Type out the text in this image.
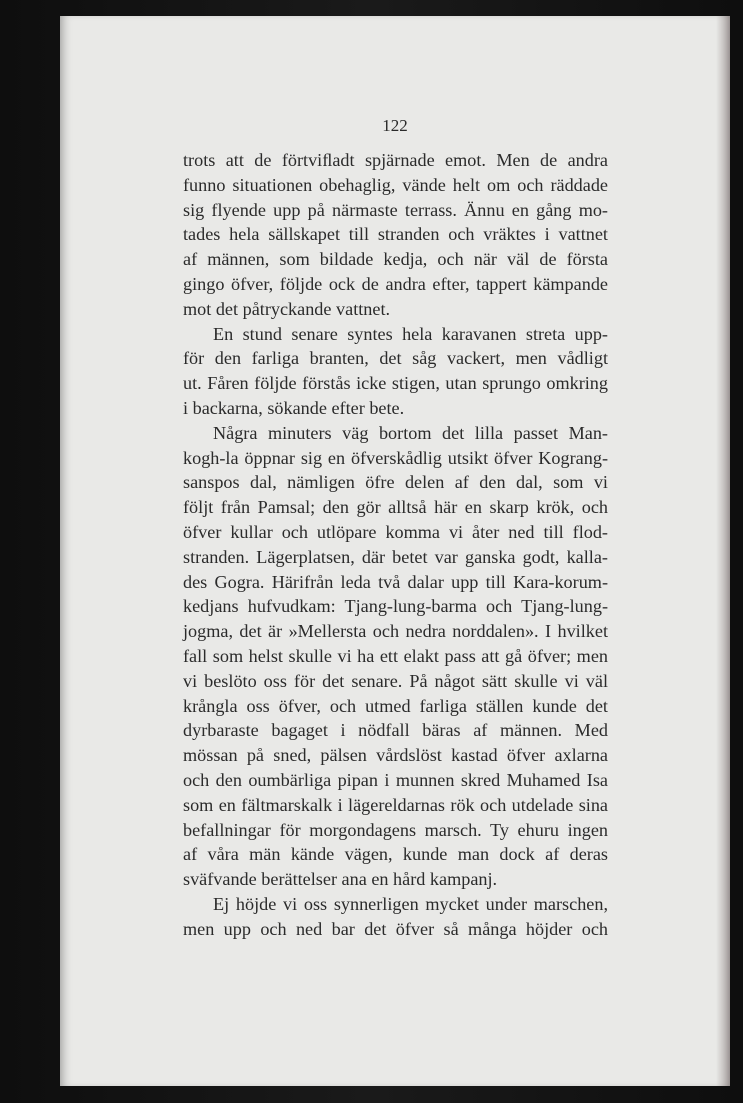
122
trots att de förtviﬂadt spjärnade emot. Men de andra
funno situationen obehaglig, vände helt om och räddade
sig flyende upp på närmaste terrass. Ännu en gång mo-
tades hela sällskapet till stranden och vräktes i vattnet
af männen, som bildade kedja, och när väl de första
gingo öfver, följde ock de andra efter, tappert kämpande
mot det påtryckande vattnet.
En stund senare syntes hela karavanen streta upp-
för den farliga branten, det såg vackert, men vådligt
ut. Fåren följde förstås icke stigen, utan sprungo omkring
i backarna, sökande efter bete.
Några minuters väg bortom det lilla passet Man-
kogh-la öppnar sig en öfverskådlig utsikt öfver Kograng-
sanspos dal, nämligen öfre delen af den dal, som vi
följt från Pamsal; den gör alltså här en skarp krök, och
öfver kullar och utlöpare komma vi åter ned till flod-
stranden. Lägerplatsen, där betet var ganska godt, kalla-
des Gogra. Härifrån leda två dalar upp till Kara-korum-
kedjans hufvudkam: Tjang-lung-barma och Tjang-lung-
jogma, det är »Mellersta och nedra norddalen». I hvilket
fall som helst skulle vi ha ett elakt pass att gå öfver; men
vi beslöto oss för det senare. På något sätt skulle vi väl
krångla oss öfver, och utmed farliga ställen kunde det
dyrbaraste bagaget i nödfall bäras af männen. Med
mössan på sned, pälsen vårdslöst kastad öfver axlarna
och den oumbärliga pipan i munnen skred Muhamed Isa
som en fältmarskalk i lägereldarnas rök och utdelade sina
befallningar för morgondagens marsch. Ty ehuru ingen
af våra män kände vägen, kunde man dock af deras
sväfvande berättelser ana en hård kampanj.
Ej höjde vi oss synnerligen mycket under marschen,
men upp och ned bar det öfver så många höjder och
